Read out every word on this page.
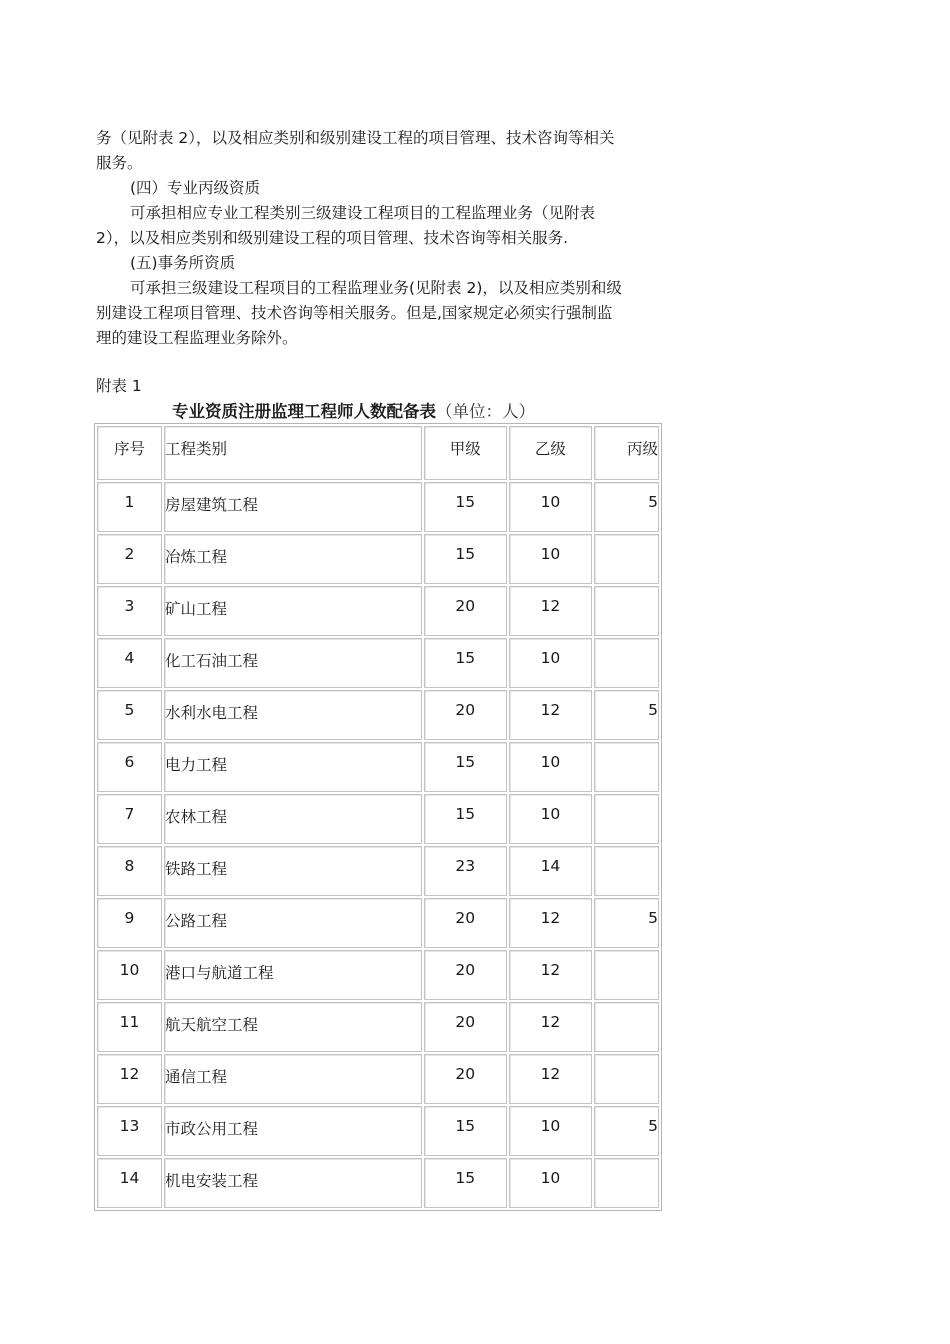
务（见附表 2），以及相应类别和级别建设工程的项目管理、技术咨询等相关

服务。

(四）专业丙级资质

可承担相应专业工程类别三级建设工程项目的工程监理业务（见附表

2），以及相应类别和级别建设工程的项目管理、技术咨询等相关服务.

(五)事务所资质

可承担三级建设工程项目的工程监理业务(见附表 2)，以及相应类别和级

别建设工程项目管理、技术咨询等相关服务。但是,国家规定必须实行强制监

理的建设工程监理业务除外。

附表 1
专业资质注册监理工程师人数配备表（单位：人）
序号	工程类别	甲级	乙级	丙级
1	房屋建筑工程	15	10	5
2	冶炼工程	15	10	
3	矿山工程	20	12	
4	化工石油工程	15	10	
5	水利水电工程	20	12	5
6	电力工程	15	10	
7	农林工程	15	10	
8	铁路工程	23	14	
9	公路工程	20	12	5
10	港口与航道工程	20	12	
11	航天航空工程	20	12	
12	通信工程	20	12	
13	市政公用工程	15	10	5
14	机电安装工程	15	10	
